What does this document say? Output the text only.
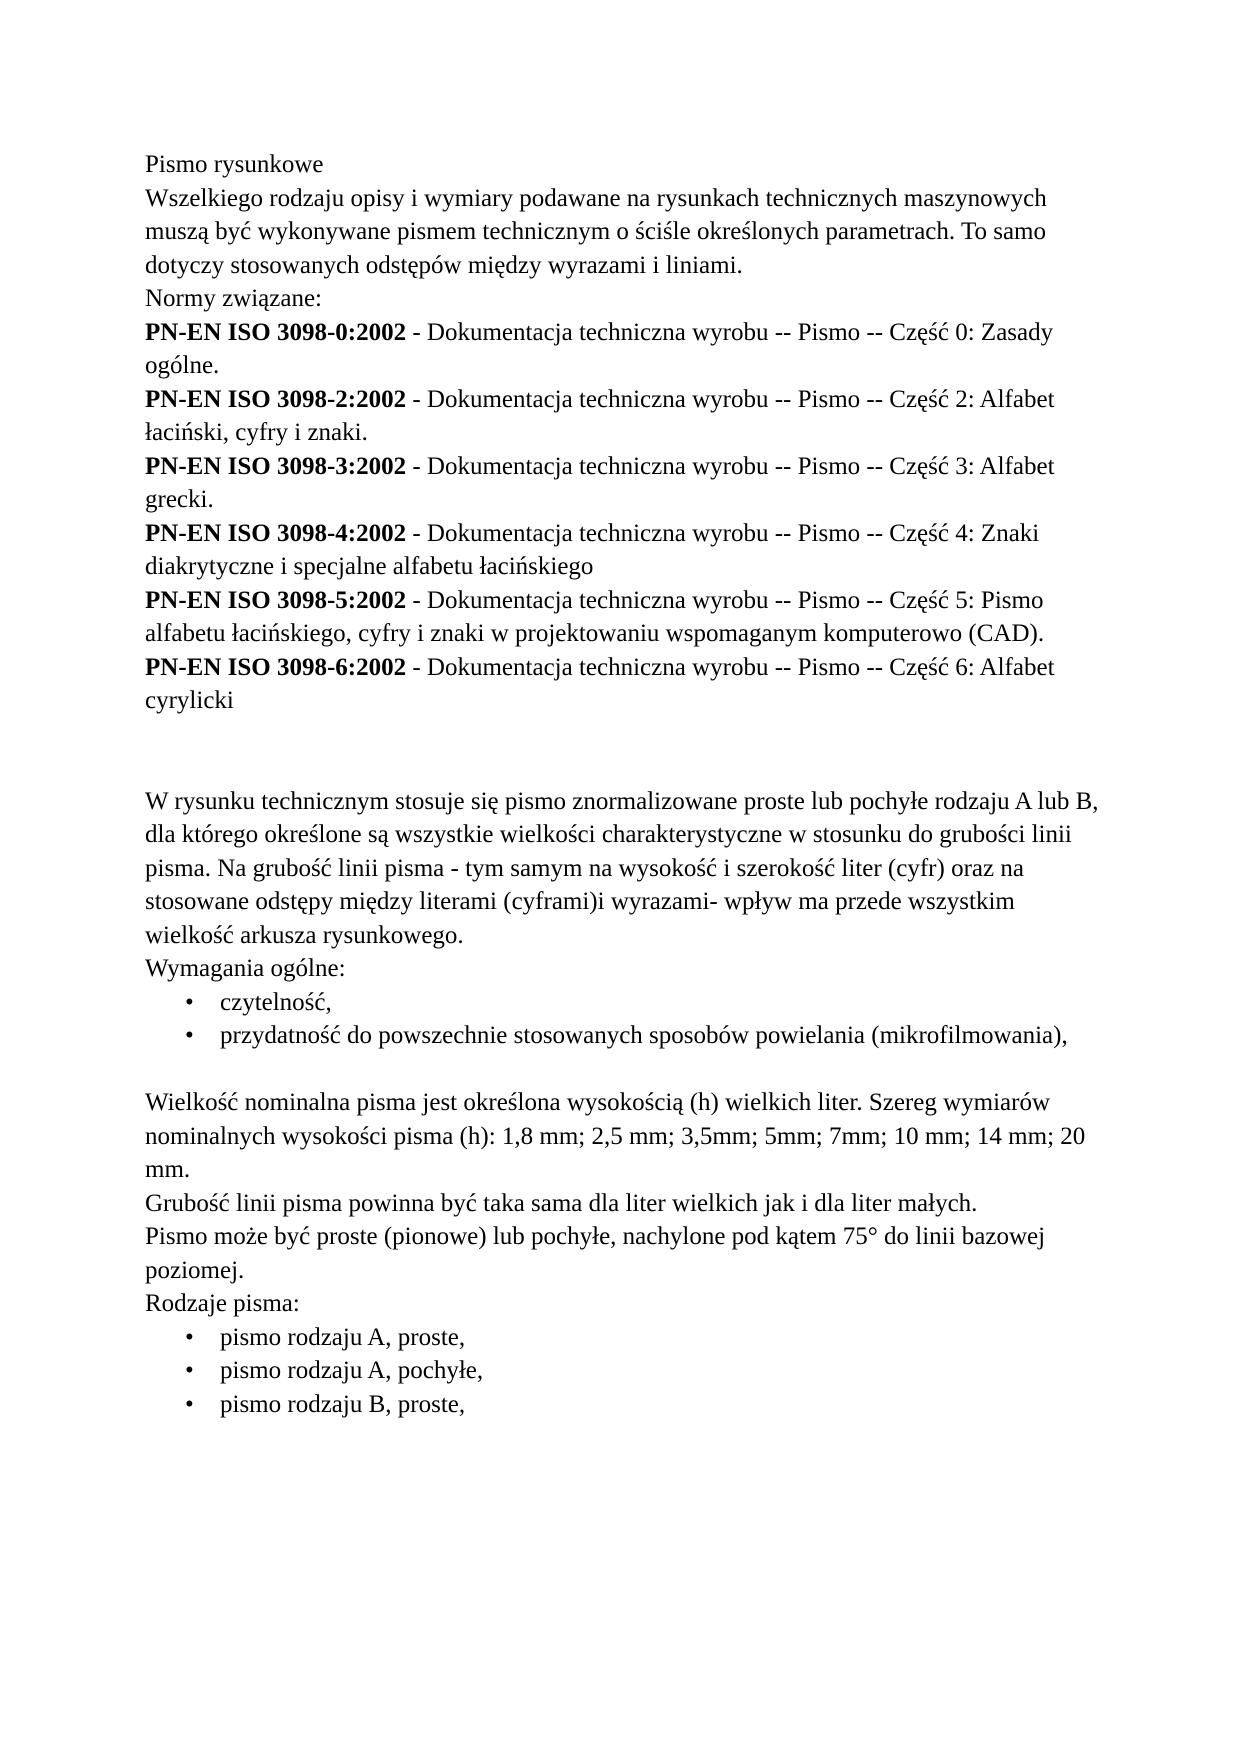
Pismo rysunkowe

Wszelkiego rodzaju opisy i wymiary podawane na rysunkach technicznych maszynowych muszą być wykonywane pismem technicznym o ściśle określonych parametrach. To samo dotyczy stosowanych odstępów między wyrazami i liniami.

Normy związane:

PN-EN ISO 3098-0:2002 - Dokumentacja techniczna wyrobu -- Pismo -- Część 0: Zasady ogólne.

PN-EN ISO 3098-2:2002 - Dokumentacja techniczna wyrobu -- Pismo -- Część 2: Alfabet łaciński, cyfry i znaki.

PN-EN ISO 3098-3:2002 - Dokumentacja techniczna wyrobu -- Pismo -- Część 3: Alfabet grecki.

PN-EN ISO 3098-4:2002 - Dokumentacja techniczna wyrobu -- Pismo -- Część 4: Znaki diakrytyczne i specjalne alfabetu łacińskiego

PN-EN ISO 3098-5:2002 - Dokumentacja techniczna wyrobu -- Pismo -- Część 5: Pismo alfabetu łacińskiego, cyfry i znaki w projektowaniu wspomaganym komputerowo (CAD).

PN-EN ISO 3098-6:2002 - Dokumentacja techniczna wyrobu -- Pismo -- Część 6: Alfabet cyrylicki

W rysunku technicznym stosuje się pismo znormalizowane proste lub pochyłe rodzaju A lub B, dla którego określone są wszystkie wielkości charakterystyczne w stosunku do grubości linii pisma. Na grubość linii pisma - tym samym na wysokość i szerokość liter (cyfr) oraz na stosowane odstępy między literami (cyframi)i wyrazami- wpływ ma przede wszystkim wielkość arkusza rysunkowego.

Wymagania ogólne:

• czytelność,
• przydatność do powszechnie stosowanych sposobów powielania (mikrofilmowania),

Wielkość nominalna pisma jest określona wysokością (h) wielkich liter. Szereg wymiarów nominalnych wysokości pisma (h): 1,8 mm; 2,5 mm; 3,5mm; 5mm; 7mm; 10 mm; 14 mm; 20 mm.

Grubość linii pisma powinna być taka sama dla liter wielkich jak i dla liter małych.

Pismo może być proste (pionowe) lub pochyłe, nachylone pod kątem 75° do linii bazowej poziomej.

Rodzaje pisma:

• pismo rodzaju A, proste,
• pismo rodzaju A, pochyłe,
• pismo rodzaju B, proste,
